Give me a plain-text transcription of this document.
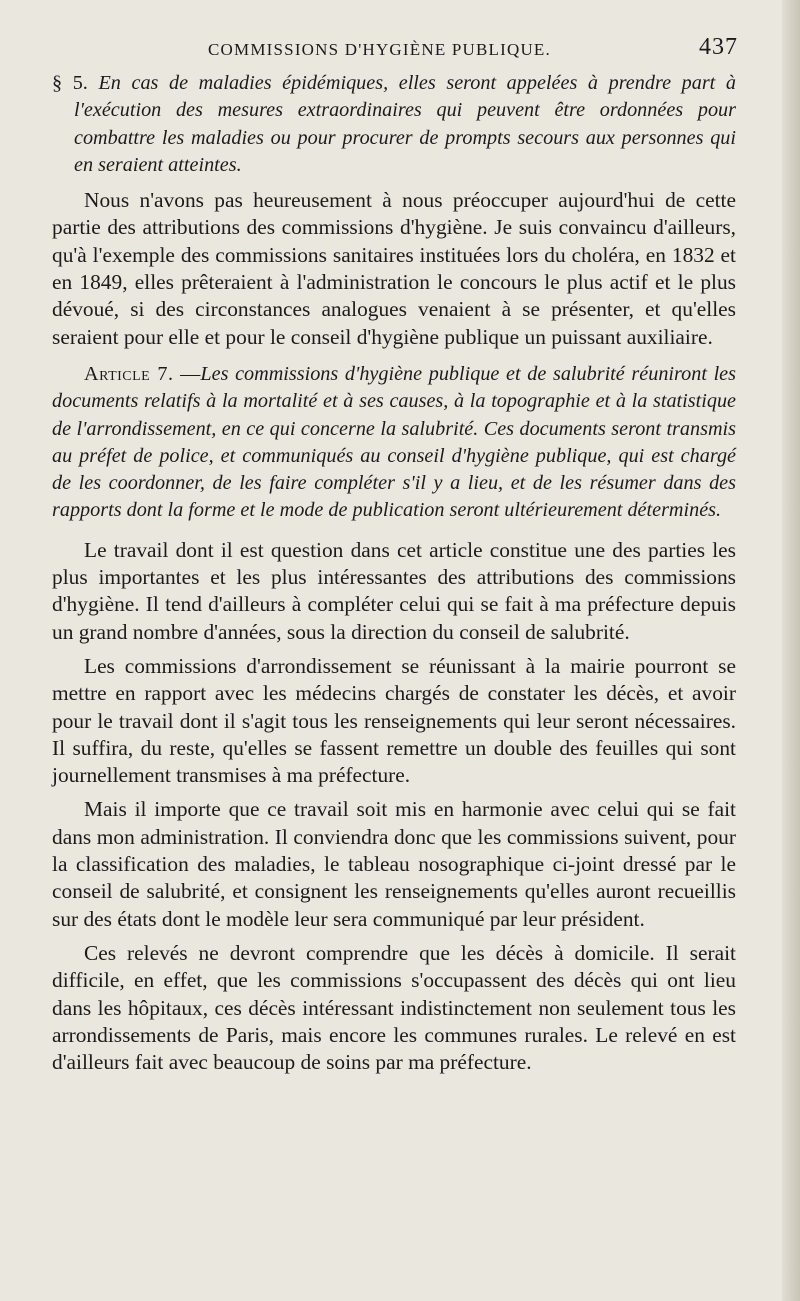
COMMISSIONS D'HYGIÈNE PUBLIQUE.	437

§ 5. En cas de maladies épidémiques, elles seront appelées à prendre part à l'exécution des mesures extraordinaires qui peuvent être ordonnées pour combattre les maladies ou pour procurer de prompts secours aux personnes qui en seraient atteintes.

Nous n'avons pas heureusement à nous préoccuper aujourd'hui de cette partie des attributions des commissions d'hygiène. Je suis convaincu d'ailleurs, qu'à l'exemple des commissions sanitaires instituées lors du choléra, en 1832 et en 1849, elles prêteraient à l'administration le concours le plus actif et le plus dévoué, si des circonstances analogues venaient à se présenter, et qu'elles seraient pour elle et pour le conseil d'hygiène publique un puissant auxiliaire.

Article 7. —Les commissions d'hygiène publique et de salubrité réuniront les documents relatifs à la mortalité et à ses causes, à la topographie et à la statistique de l'arrondissement, en ce qui concerne la salubrité. Ces documents seront transmis au préfet de police, et communiqués au conseil d'hygiène publique, qui est chargé de les coordonner, de les faire compléter s'il y a lieu, et de les résumer dans des rapports dont la forme et le mode de publication seront ultérieurement déterminés.

Le travail dont il est question dans cet article constitue une des parties les plus importantes et les plus intéressantes des attributions des commissions d'hygiène. Il tend d'ailleurs à compléter celui qui se fait à ma préfecture depuis un grand nombre d'années, sous la direction du conseil de salubrité.

Les commissions d'arrondissement se réunissant à la mairie pourront se mettre en rapport avec les médecins chargés de constater les décès, et avoir pour le travail dont il s'agit tous les renseignements qui leur seront nécessaires. Il suffira, du reste, qu'elles se fassent remettre un double des feuilles qui sont journellement transmises à ma préfecture.

Mais il importe que ce travail soit mis en harmonie avec celui qui se fait dans mon administration. Il conviendra donc que les commissions suivent, pour la classification des maladies, le tableau nosographique ci-joint dressé par le conseil de salubrité, et consignent les renseignements qu'elles auront recueillis sur des états dont le modèle leur sera communiqué par leur président.

Ces relevés ne devront comprendre que les décès à domicile. Il serait difficile, en effet, que les commissions s'occupassent des décès qui ont lieu dans les hôpitaux, ces décès intéressant indistinctement non seulement tous les arrondissements de Paris, mais encore les communes rurales. Le relevé en est d'ailleurs fait avec beaucoup de soins par ma préfecture.
